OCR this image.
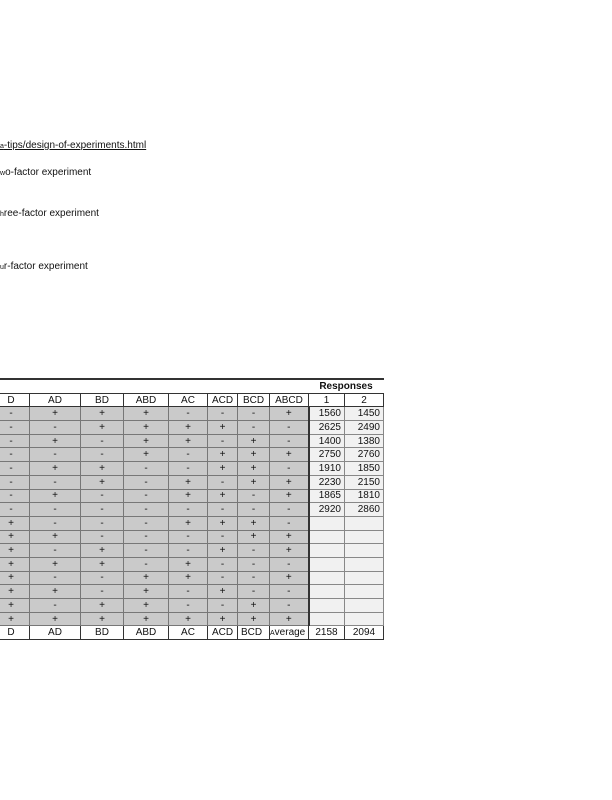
a-tips/design-of-experiments.html
wo-factor experiment
hree-factor experiment
ur-factor experiment
								Responses	
D	AD	BD	ABD	AC	ACD	BCD	ABCD	1	2
-	+	+	+	-	-	-	+	1560	1450
-	-	+	+	+	+	-	-	2625	2490
-	+	-	+	+	-	+	-	1400	1380
-	-	-	+	-	+	+	+	2750	2760
-	+	+	-	-	+	+	-	1910	1850
-	-	+	-	+	-	+	+	2230	2150
-	+	-	-	+	+	-	+	1865	1810
-	-	-	-	-	-	-	-	2920	2860
+	-	-	-	+	+	+	-		
+	+	-	-	-	-	+	+		
+	-	+	-	-	+	-	+		
+	+	+	-	+	-	-	-		
+	-	-	+	+	-	-	+		
+	+	-	+	-	+	-	-		
+	-	+	+	-	-	+	-		
+	+	+	+	+	+	+	+		
D	AD	BD	ABD	AC	ACD	BCD	Average	2158	2094
